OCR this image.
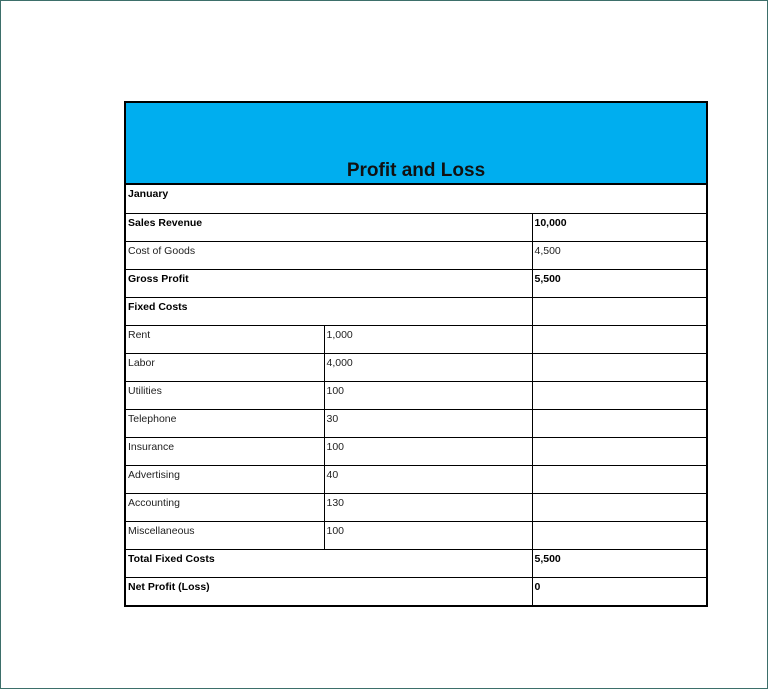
Profit and Loss
January		
Sales Revenue		10,000
Cost of Goods		4,500
Gross Profit		5,500
Fixed Costs		
Rent	1,000	
Labor	4,000	
Utilities	100	
Telephone	30	
Insurance	100	
Advertising	40	
Accounting	130	
Miscellaneous	100	
Total Fixed Costs		5,500
Net Profit (Loss)		0
